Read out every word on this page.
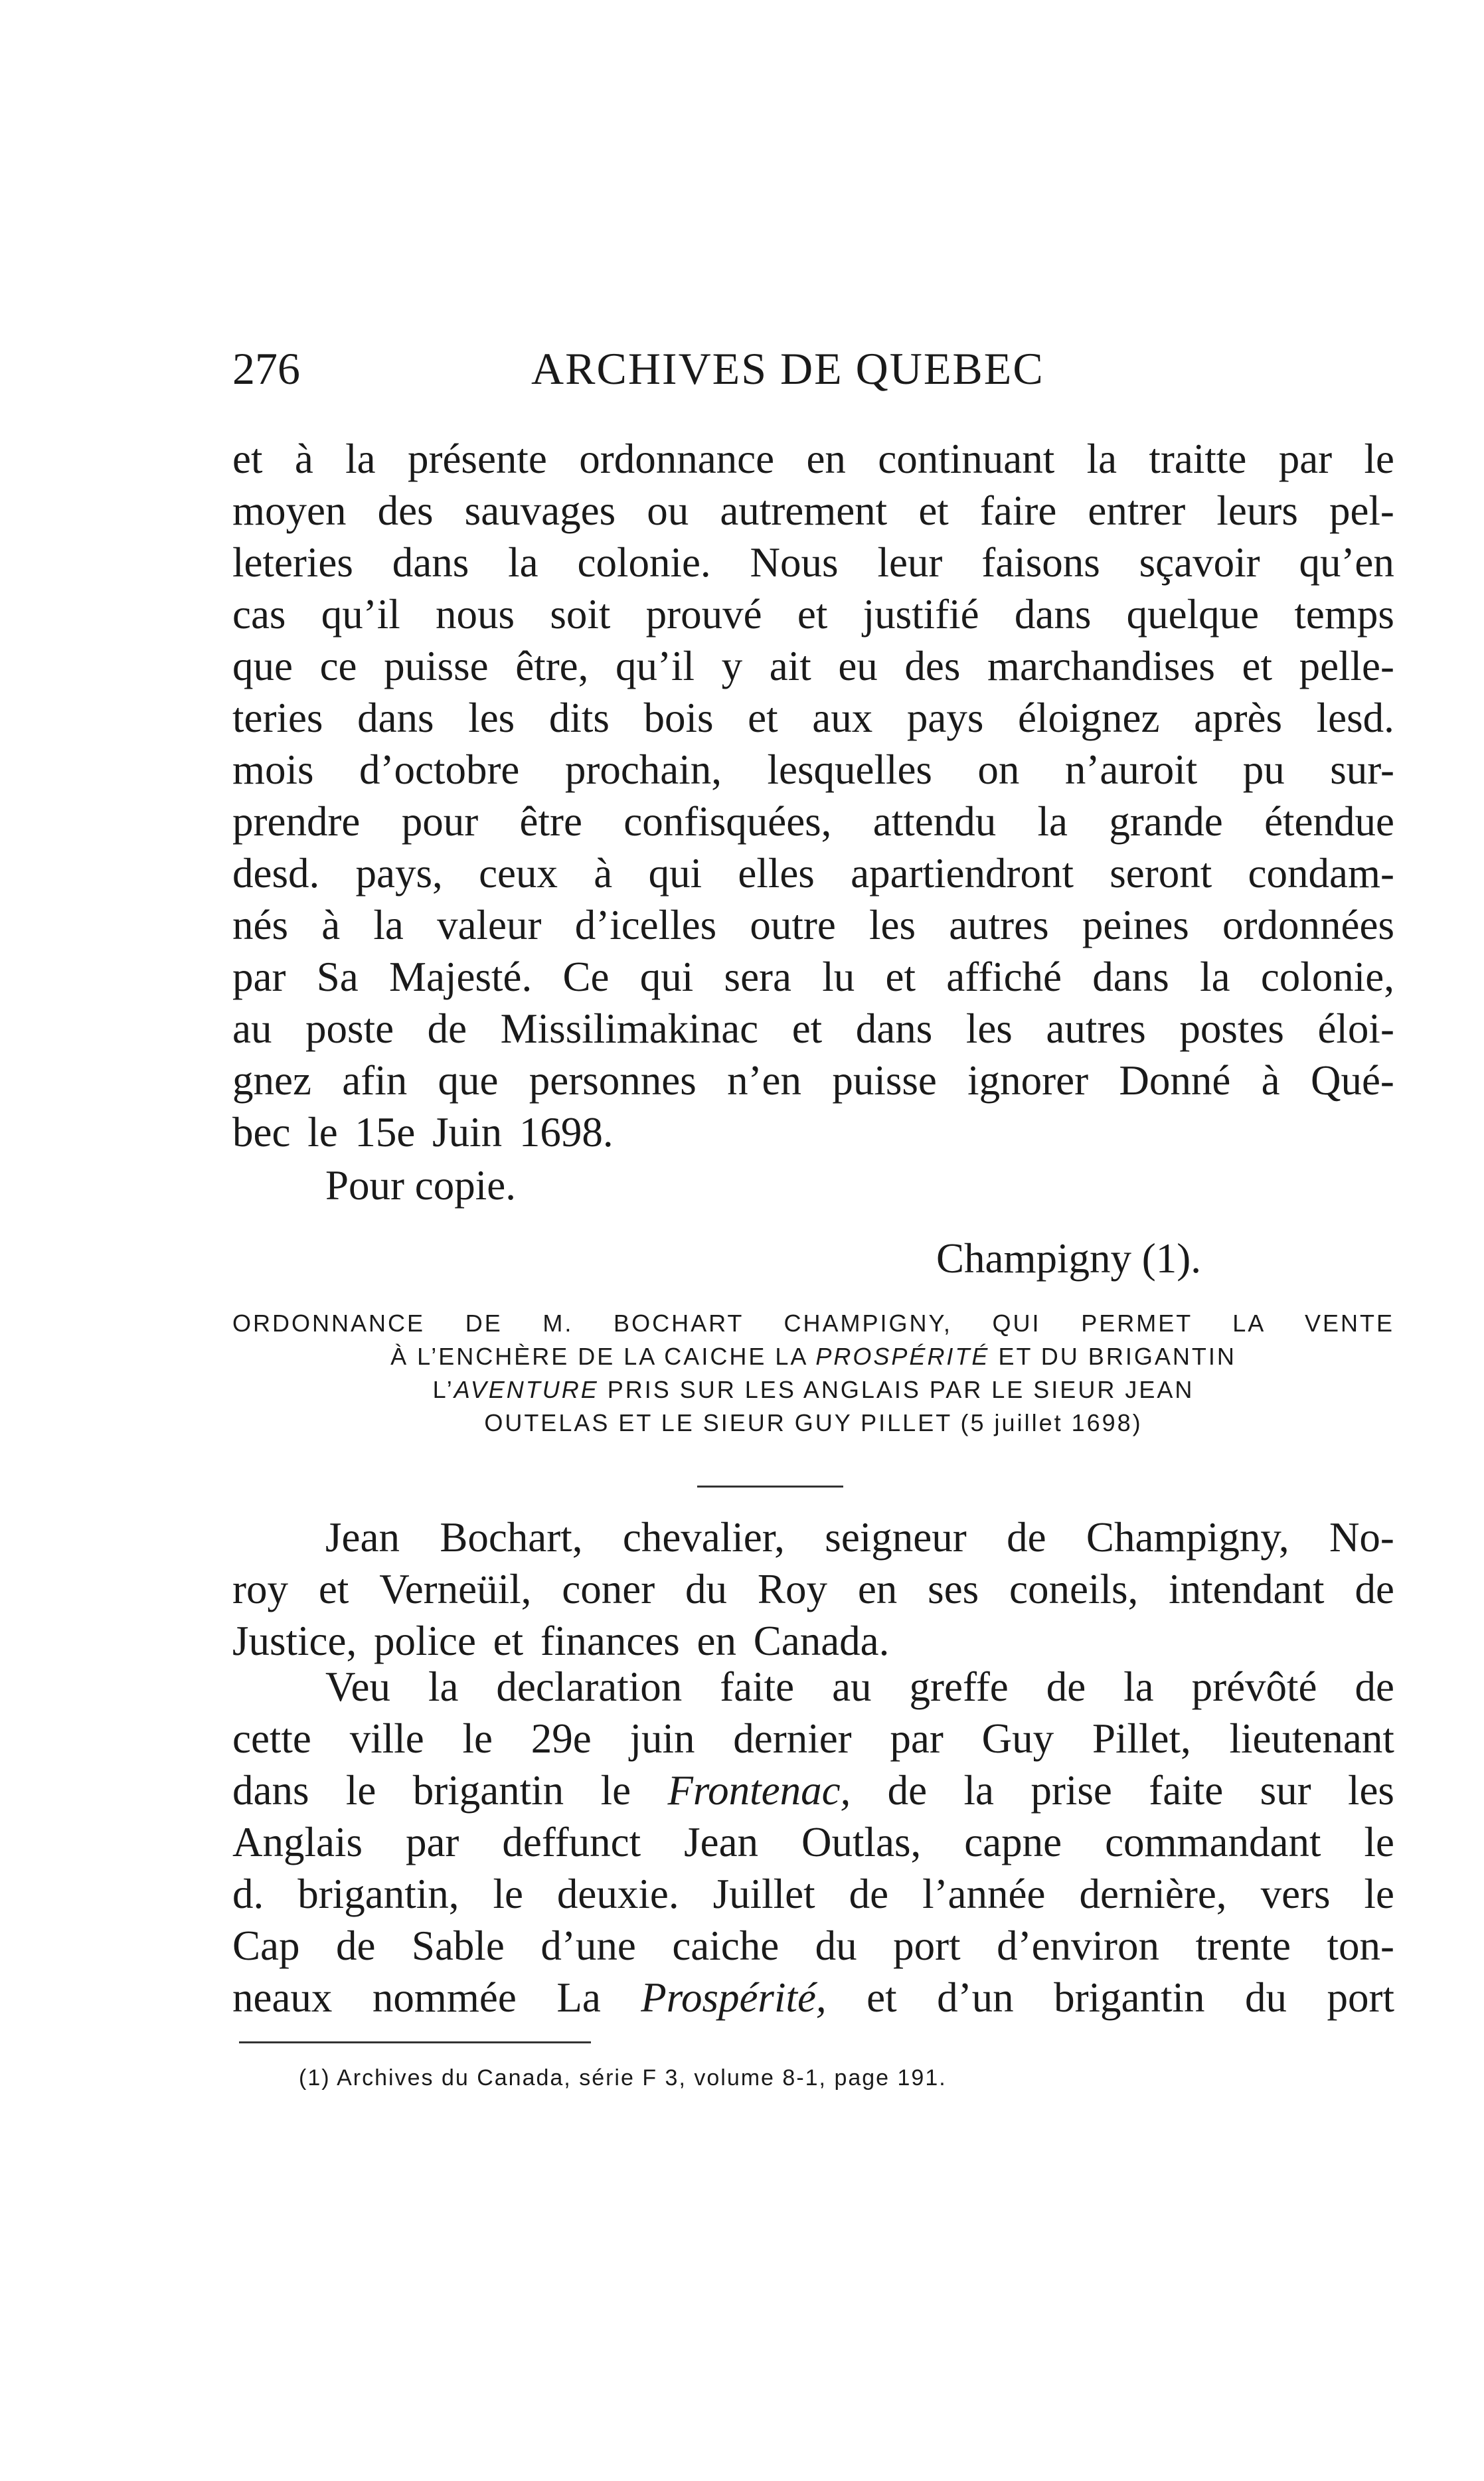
276	ARCHIVES DE QUEBEC
et à la présente ordonnance en continuant la traitte par le
moyen des sauvages ou autrement et faire entrer leurs pel-
leteries dans la colonie. Nous leur faisons sçavoir qu’en
cas qu’il nous soit prouvé et justifié dans quelque temps
que ce puisse être, qu’il y ait eu des marchandises et pelle-
teries dans les dits bois et aux pays éloignez après lesd.
mois d’octobre prochain, lesquelles on n’auroit pu sur-
prendre pour être confisquées, attendu la grande étendue
desd. pays, ceux à qui elles apartiendront seront condam-
nés à la valeur d’icelles outre les autres peines ordonnées
par Sa Majesté. Ce qui sera lu et affiché dans la colonie,
au poste de Missilimakinac et dans les autres postes éloi-
gnez afin que personnes n’en puisse ignorer Donné à Qué-
bec
le
15e
Juin
1698.
Pour copie.
Champigny (1).
ORDONNANCE DE M. BOCHART CHAMPIGNY, QUI PERMET LA VENTE
À L’ENCHÈRE DE LA CAICHE LA PROSPÉRITÉ ET DU BRIGANTIN
L’AVENTURE PRIS SUR LES ANGLAIS PAR LE SIEUR JEAN
OUTELAS ET LE SIEUR GUY PILLET (5 juillet 1698)
Jean Bochart, chevalier, seigneur de Champigny, No-
roy et Verneüil, coner du Roy en ses coneils, intendant de
Justice,
police
et
finances
en
Canada.
Veu la declaration faite au greffe de la prévôté de
cette ville le 29e juin dernier par Guy Pillet, lieutenant
dans le brigantin le Frontenac, de la prise faite sur les
Anglais par deffunct Jean Outlas, capne commandant le
d. brigantin, le deuxie. Juillet de l’année dernière, vers le
Cap de Sable d’une caiche du port d’environ trente ton-
neaux nommée La Prospérité, et d’un brigantin du port
(1) Archives du Canada, série F 3, volume 8-1, page 191.
